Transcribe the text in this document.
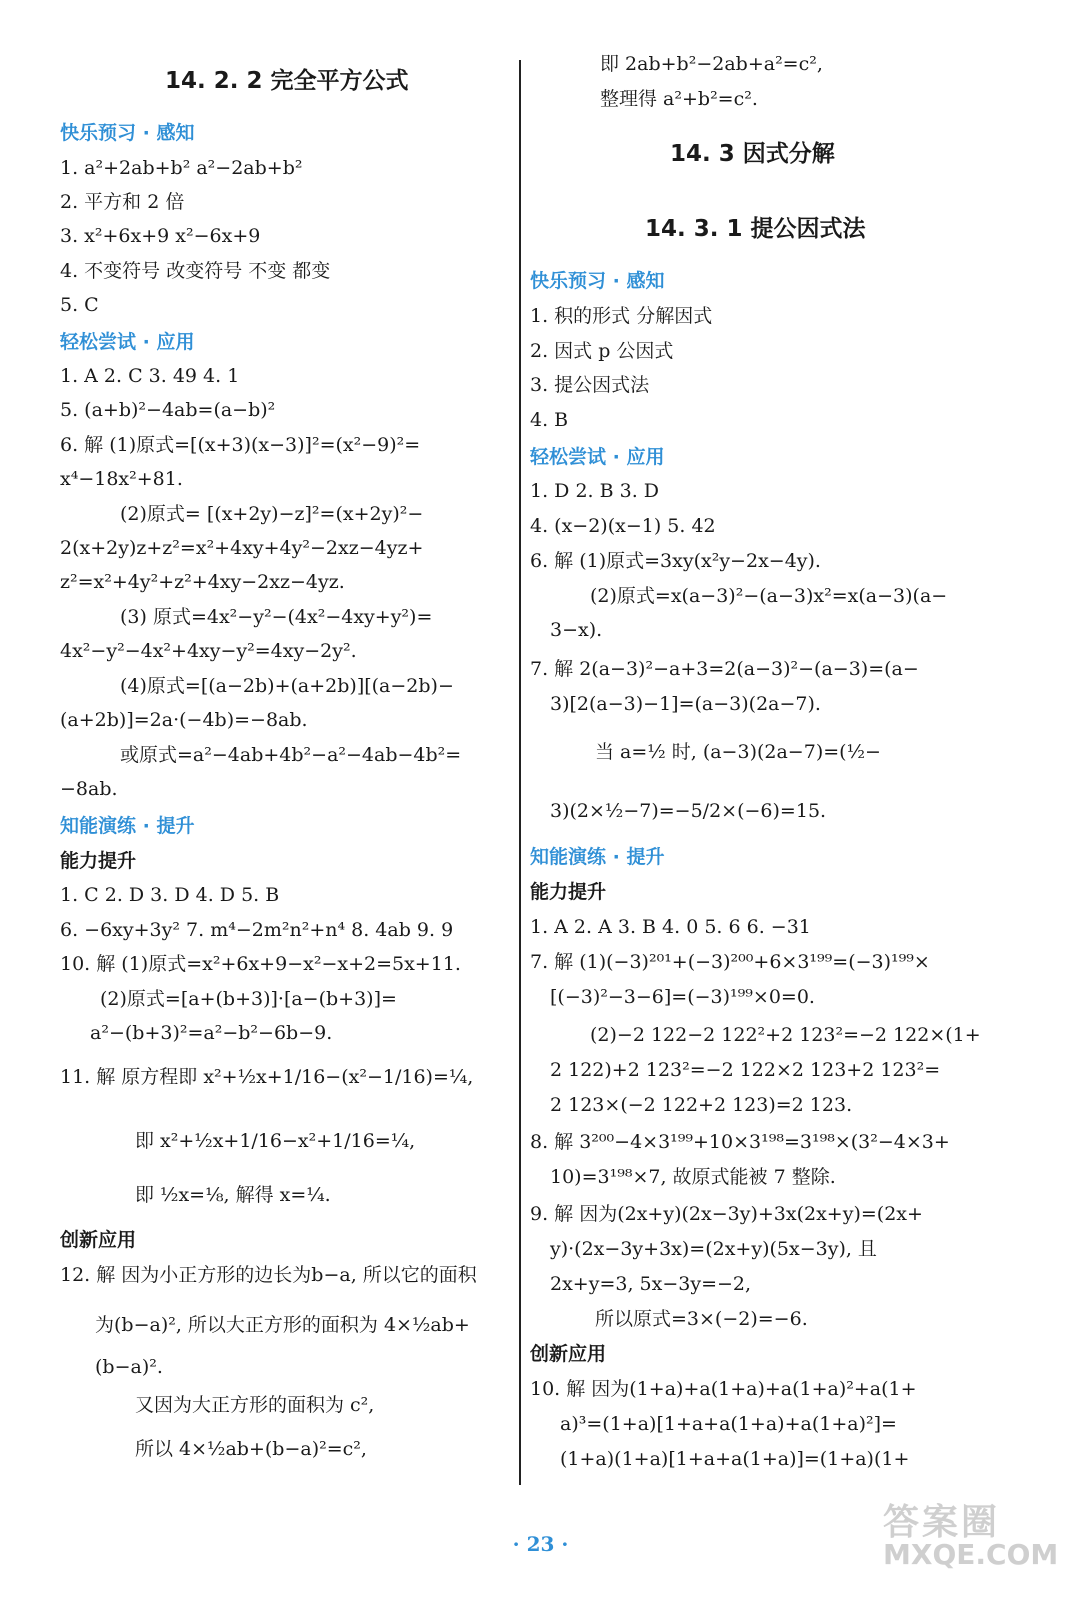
14. 2. 2 完全平方公式
快乐预习 · 感知
1. a²+2ab+b² a²−2ab+b²
2. 平方和 2 倍
3. x²+6x+9 x²−6x+9
4. 不变符号 改变符号 不变 都变
5. C
轻松尝试 · 应用
1. A 2. C 3. 49 4. 1
5. (a+b)²−4ab=(a−b)²
6. 解 (1)原式=[(x+3)(x−3)]²=(x²−9)²=
x⁴−18x²+81.
(2)原式= [(x+2y)−z]²=(x+2y)²−
2(x+2y)z+z²=x²+4xy+4y²−2xz−4yz+
z²=x²+4y²+z²+4xy−2xz−4yz.
(3) 原式=4x²−y²−(4x²−4xy+y²)=
4x²−y²−4x²+4xy−y²=4xy−2y².
(4)原式=[(a−2b)+(a+2b)][(a−2b)−
(a+2b)]=2a·(−4b)=−8ab.
或原式=a²−4ab+4b²−a²−4ab−4b²=
−8ab.
知能演练 · 提升
能力提升
1. C 2. D 3. D 4. D 5. B
6. −6xy+3y² 7. m⁴−2m²n²+n⁴ 8. 4ab 9. 9
10. 解 (1)原式=x²+6x+9−x²−x+2=5x+11.
(2)原式=[a+(b+3)]·[a−(b+3)]=
a²−(b+3)²=a²−b²−6b−9.
11. 解 原方程即 x²+½x+1/16−(x²−1/16)=¼,
即 x²+½x+1/16−x²+1/16=¼,
即 ½x=⅛, 解得 x=¼.
创新应用
12. 解 因为小正方形的边长为b−a, 所以它的面积
为(b−a)², 所以大正方形的面积为 4×½ab+
(b−a)².
又因为大正方形的面积为 c²,
所以 4×½ab+(b−a)²=c²,
即 2ab+b²−2ab+a²=c²,
整理得 a²+b²=c².
14. 3 因式分解
14. 3. 1 提公因式法
快乐预习 · 感知
1. 积的形式 分解因式
2. 因式 p 公因式
3. 提公因式法
4. B
轻松尝试 · 应用
1. D 2. B 3. D
4. (x−2)(x−1) 5. 42
6. 解 (1)原式=3xy(x²y−2x−4y).
(2)原式=x(a−3)²−(a−3)x²=x(a−3)(a−
3−x).
7. 解 2(a−3)²−a+3=2(a−3)²−(a−3)=(a−
3)[2(a−3)−1]=(a−3)(2a−7).
当 a=½ 时, (a−3)(2a−7)=(½−
3)(2×½−7)=−5/2×(−6)=15.
知能演练 · 提升
能力提升
1. A 2. A 3. B 4. 0 5. 6 6. −31
7. 解 (1)(−3)²⁰¹+(−3)²⁰⁰+6×3¹⁹⁹=(−3)¹⁹⁹×
[(−3)²−3−6]=(−3)¹⁹⁹×0=0.
(2)−2 122−2 122²+2 123²=−2 122×(1+
2 122)+2 123²=−2 122×2 123+2 123²=
2 123×(−2 122+2 123)=2 123.
8. 解 3²⁰⁰−4×3¹⁹⁹+10×3¹⁹⁸=3¹⁹⁸×(3²−4×3+
10)=3¹⁹⁸×7, 故原式能被 7 整除.
9. 解 因为(2x+y)(2x−3y)+3x(2x+y)=(2x+
y)·(2x−3y+3x)=(2x+y)(5x−3y), 且
2x+y=3, 5x−3y=−2,
所以原式=3×(−2)=−6.
创新应用
10. 解 因为(1+a)+a(1+a)+a(1+a)²+a(1+
a)³=(1+a)[1+a+a(1+a)+a(1+a)²]=
(1+a)(1+a)[1+a+a(1+a)]=(1+a)(1+
· 23 ·
答案圈
MXQE.COM
